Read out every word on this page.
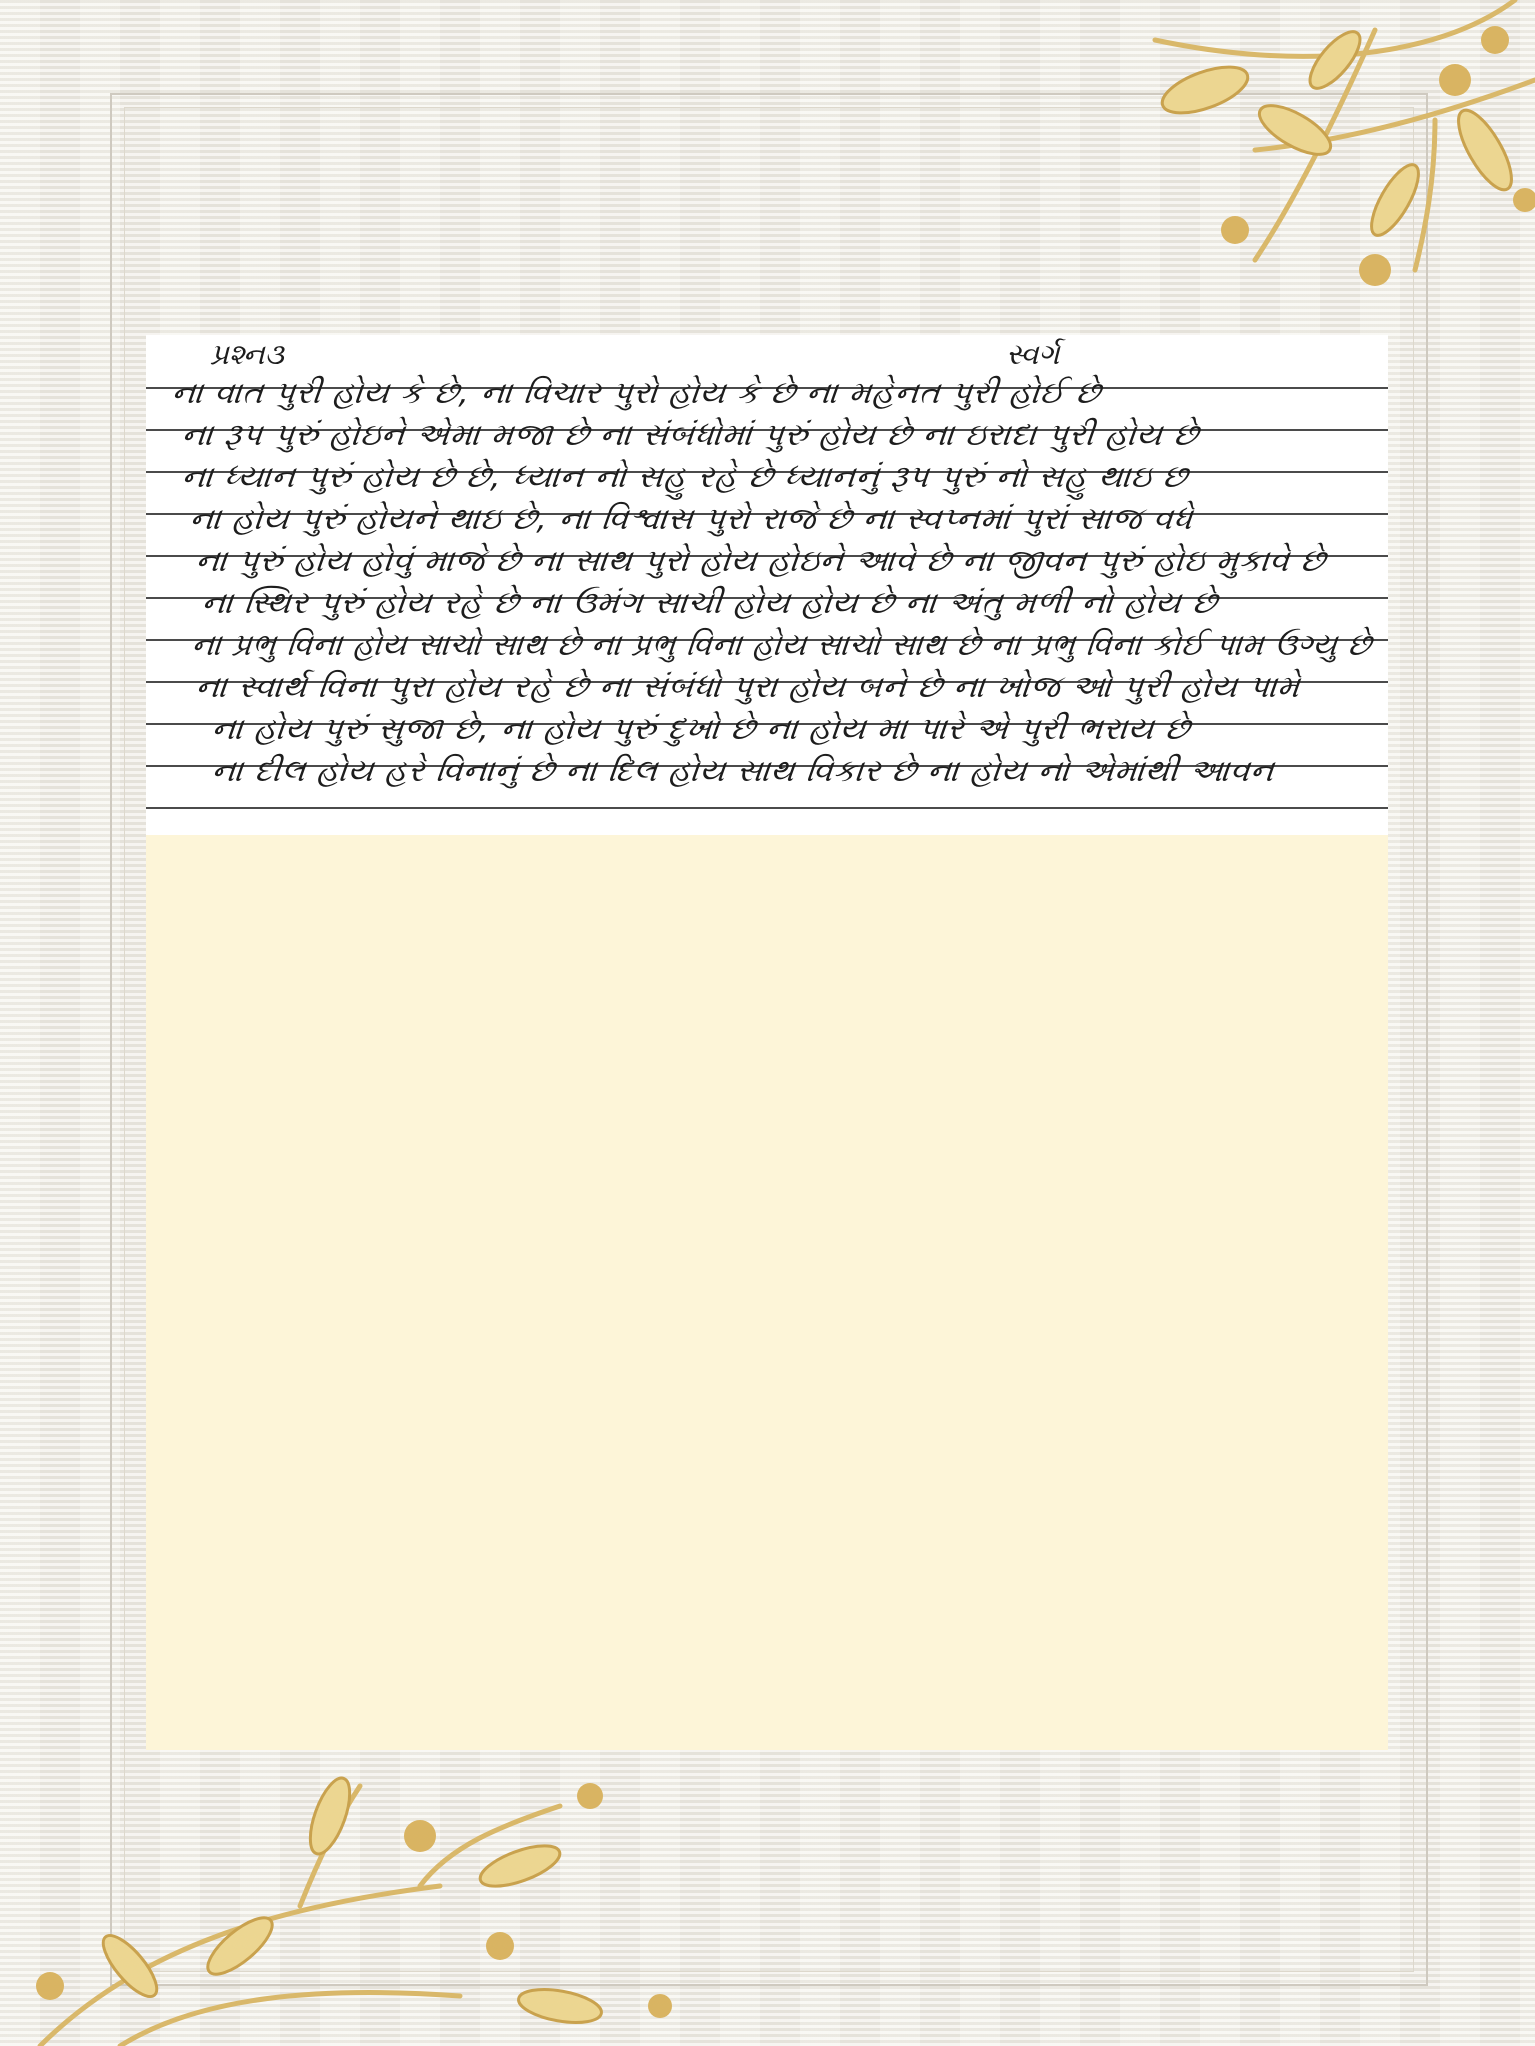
પ્રશ્ન૩	સ્વર્ગ

ના વાત પુરી હોય કે છે, ના વિચાર પુરો હોય કે છે ના મહેનત પુરી હોઈ છે

ના રૂપ પુરું હોઇને એમા મજા છે ના સંબંધોમાં પુરું હોય છે ના ઇરાદા પુરી હોય છે

ના ધ્યાન પુરું હોય છે છે, ધ્યાન નો સહુ રહે છે ધ્યાનનું રૂપ પુરું નો સહુ થાઇ છ

ના હોય પુરું હોયને થાઇ છે, ના વિશ્વાસ પુરો રાજે છે ના સ્વપ્નમાં પુરાં સાજ વધે

ના પુરું હોય હોવું માજે છે ના સાથ પુરો હોય હોઇને આવે છે ના જીવન પુરું હોઇ મુકાવે છે

ના સ્થિર પુરું હોય રહે છે ના ઉમંગ સાચી હોય હોય છે ના અંતુ મળી નો હોય છે

ના પ્રભુ વિના હોય સાચો સાથ છે ના પ્રભુ વિના હોય સાચો સાથ છે ના પ્રભુ વિના કોઈ પામ ઉગ્યુ છે

ના સ્વાર્થ વિના પુરા હોય રહે છે ના સંબંધો પુરા હોય બને છે ના ખોજ ઓ પુરી હોય પામે

ના હોય પુરું સુજા છે, ના હોય પુરું દુખો છે ના હોય મા પારે એ પુરી ભરાય છે

ના દીલ હોય હરે વિનાનું છે ના દિલ હોય સાથ વિકાર છે ના હોય નો એમાંથી આવન
